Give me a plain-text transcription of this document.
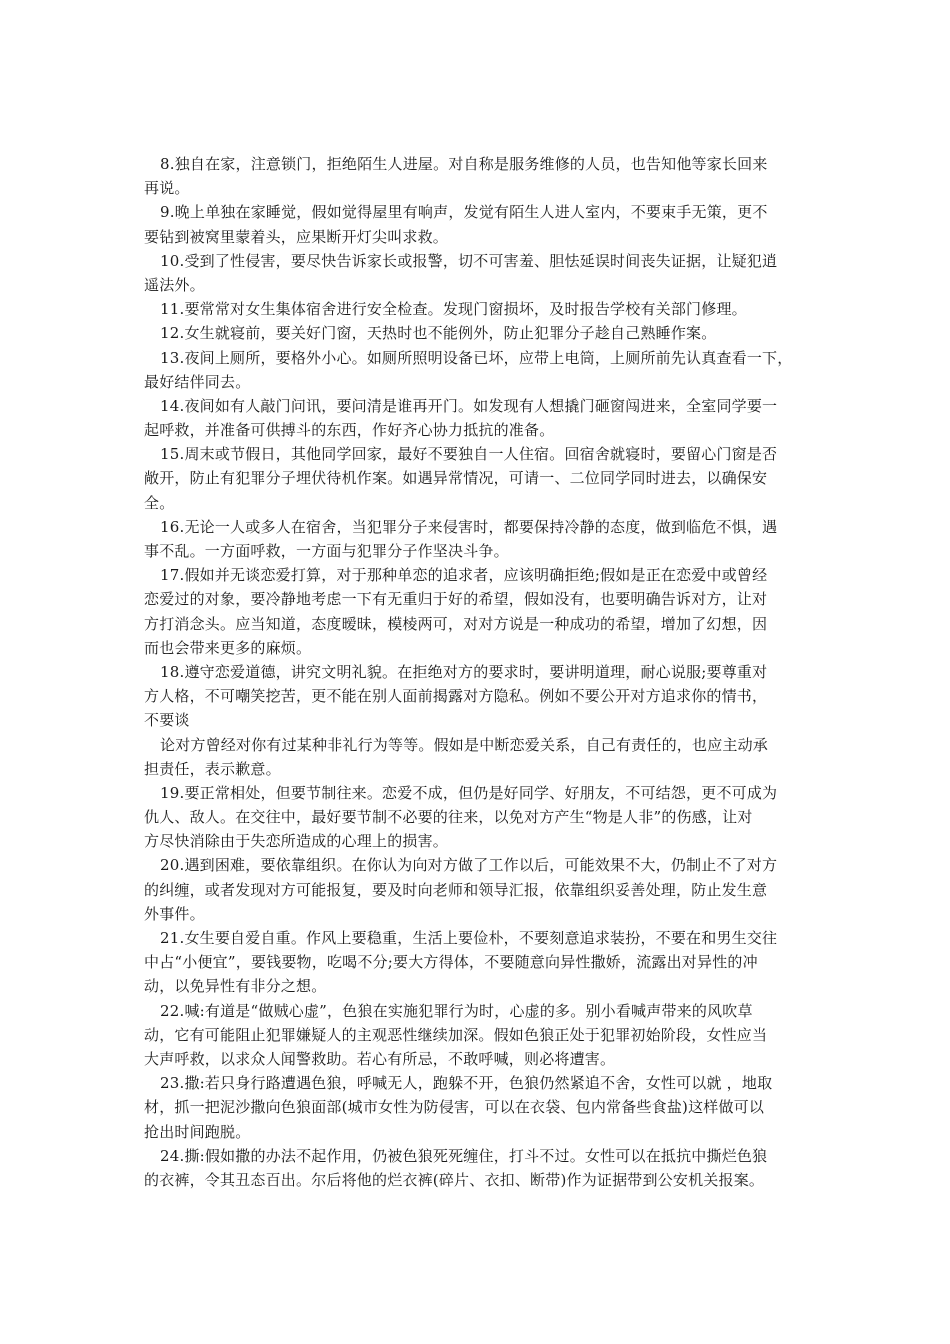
8.独自在家，注意锁门，拒绝陌生人进屋。对自称是服务维修的人员，也告知他等家长回来
再说。
9.晚上单独在家睡觉，假如觉得屋里有响声，发觉有陌生人进人室内，不要束手无策，更不
要钻到被窝里蒙着头，应果断开灯尖叫求救。
10.受到了性侵害，要尽快告诉家长或报警，切不可害羞、胆怯延误时间丧失证据，让疑犯逍
遥法外。
11.要常常对女生集体宿舍进行安全检查。发现门窗损坏，及时报告学校有关部门修理。
12.女生就寝前，要关好门窗，天热时也不能例外，防止犯罪分子趁自己熟睡作案。
13.夜间上厕所，要格外小心。如厕所照明设备已坏，应带上电筒，上厕所前先认真查看一下，
最好结伴同去。
14.夜间如有人敲门问讯，要问清是谁再开门。如发现有人想撬门砸窗闯进来，全室同学要一
起呼救，并准备可供搏斗的东西，作好齐心协力抵抗的准备。
15.周末或节假日，其他同学回家，最好不要独自一人住宿。回宿舍就寝时，要留心门窗是否
敞开，防止有犯罪分子埋伏待机作案。如遇异常情况，可请一、二位同学同时进去，以确保安
全。
16.无论一人或多人在宿舍，当犯罪分子来侵害时，都要保持冷静的态度，做到临危不惧，遇
事不乱。一方面呼救，一方面与犯罪分子作坚决斗争。
17.假如并无谈恋爱打算，对于那种单恋的追求者，应该明确拒绝;假如是正在恋爱中或曾经
恋爱过的对象，要冷静地考虑一下有无重归于好的希望，假如没有，也要明确告诉对方，让对
方打消念头。应当知道，态度暧昧，模棱两可，对对方说是一种成功的希望，增加了幻想，因
而也会带来更多的麻烦。
18.遵守恋爱道德，讲究文明礼貌。在拒绝对方的要求时，要讲明道理，耐心说服;要尊重对
方人格，不可嘲笑挖苦，更不能在别人面前揭露对方隐私。例如不要公开对方追求你的情书，
不要谈
论对方曾经对你有过某种非礼行为等等。假如是中断恋爱关系，自己有责任的，也应主动承
担责任，表示歉意。
19.要正常相处，但要节制往来。恋爱不成，但仍是好同学、好朋友，不可结怨，更不可成为
仇人、敌人。在交往中，最好要节制不必要的往来，以免对方产生“物是人非”的伤感，让对
方尽快消除由于失恋所造成的心理上的损害。
20.遇到困难，要依靠组织。在你认为向对方做了工作以后，可能效果不大，仍制止不了对方
的纠缠，或者发现对方可能报复，要及时向老师和领导汇报，依靠组织妥善处理，防止发生意
外事件。
21.女生要自爱自重。作风上要稳重，生活上要俭朴，不要刻意追求装扮，不要在和男生交往
中占“小便宜”，要钱要物，吃喝不分;要大方得体，不要随意向异性撒娇，流露出对异性的冲
动，以免异性有非分之想。
22.喊:有道是“做贼心虚”，色狼在实施犯罪行为时，心虚的多。别小看喊声带来的风吹草
动，它有可能阻止犯罪嫌疑人的主观恶性继续加深。假如色狼正处于犯罪初始阶段，女性应当
大声呼救，以求众人闻警救助。若心有所忌，不敢呼喊，则必将遭害。
23.撒:若只身行路遭遇色狼，呼喊无人，跑躲不开，色狼仍然紧追不舍，女性可以就 ，地取
材，抓一把泥沙撒向色狼面部(城市女性为防侵害，可以在衣袋、包内常备些食盐)这样做可以
抢出时间跑脱。
24.撕:假如撒的办法不起作用，仍被色狼死死缠住，打斗不过。女性可以在抵抗中撕烂色狼
的衣裤，令其丑态百出。尔后将他的烂衣裤(碎片、衣扣、断带)作为证据带到公安机关报案。
